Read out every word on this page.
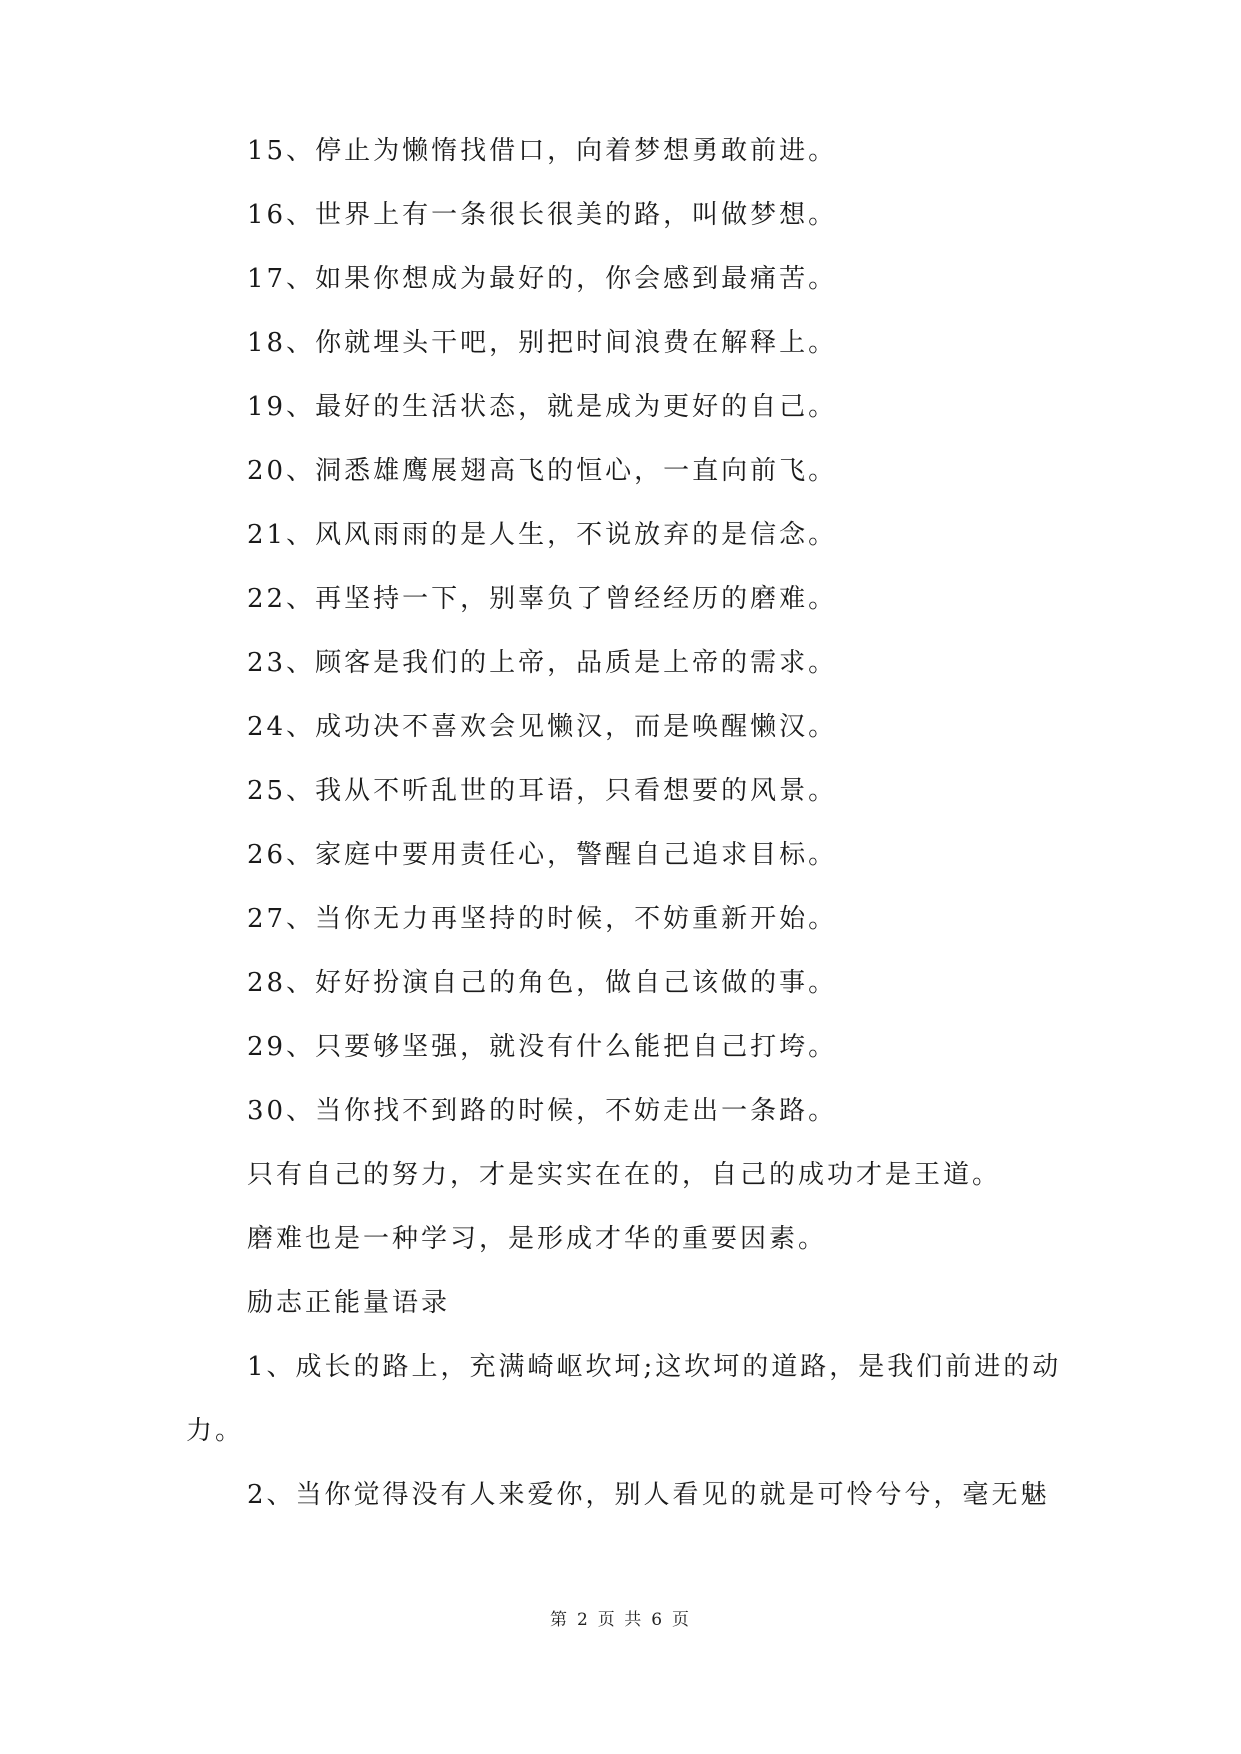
15、停止为懒惰找借口，向着梦想勇敢前进。
16、世界上有一条很长很美的路，叫做梦想。
17、如果你想成为最好的，你会感到最痛苦。
18、你就埋头干吧，别把时间浪费在解释上。
19、最好的生活状态，就是成为更好的自己。
20、洞悉雄鹰展翅高飞的恒心，一直向前飞。
21、风风雨雨的是人生，不说放弃的是信念。
22、再坚持一下，别辜负了曾经经历的磨难。
23、顾客是我们的上帝，品质是上帝的需求。
24、成功决不喜欢会见懒汉，而是唤醒懒汉。
25、我从不听乱世的耳语，只看想要的风景。
26、家庭中要用责任心，警醒自己追求目标。
27、当你无力再坚持的时候，不妨重新开始。
28、好好扮演自己的角色，做自己该做的事。
29、只要够坚强，就没有什么能把自己打垮。
30、当你找不到路的时候，不妨走出一条路。
只有自己的努力，才是实实在在的，自己的成功才是王道。
磨难也是一种学习，是形成才华的重要因素。
励志正能量语录
1、成长的路上，充满崎岖坎坷;这坎坷的道路，是我们前进的动
力。
2、当你觉得没有人来爱你，别人看见的就是可怜兮兮，毫无魅
第 2 页 共 6 页
